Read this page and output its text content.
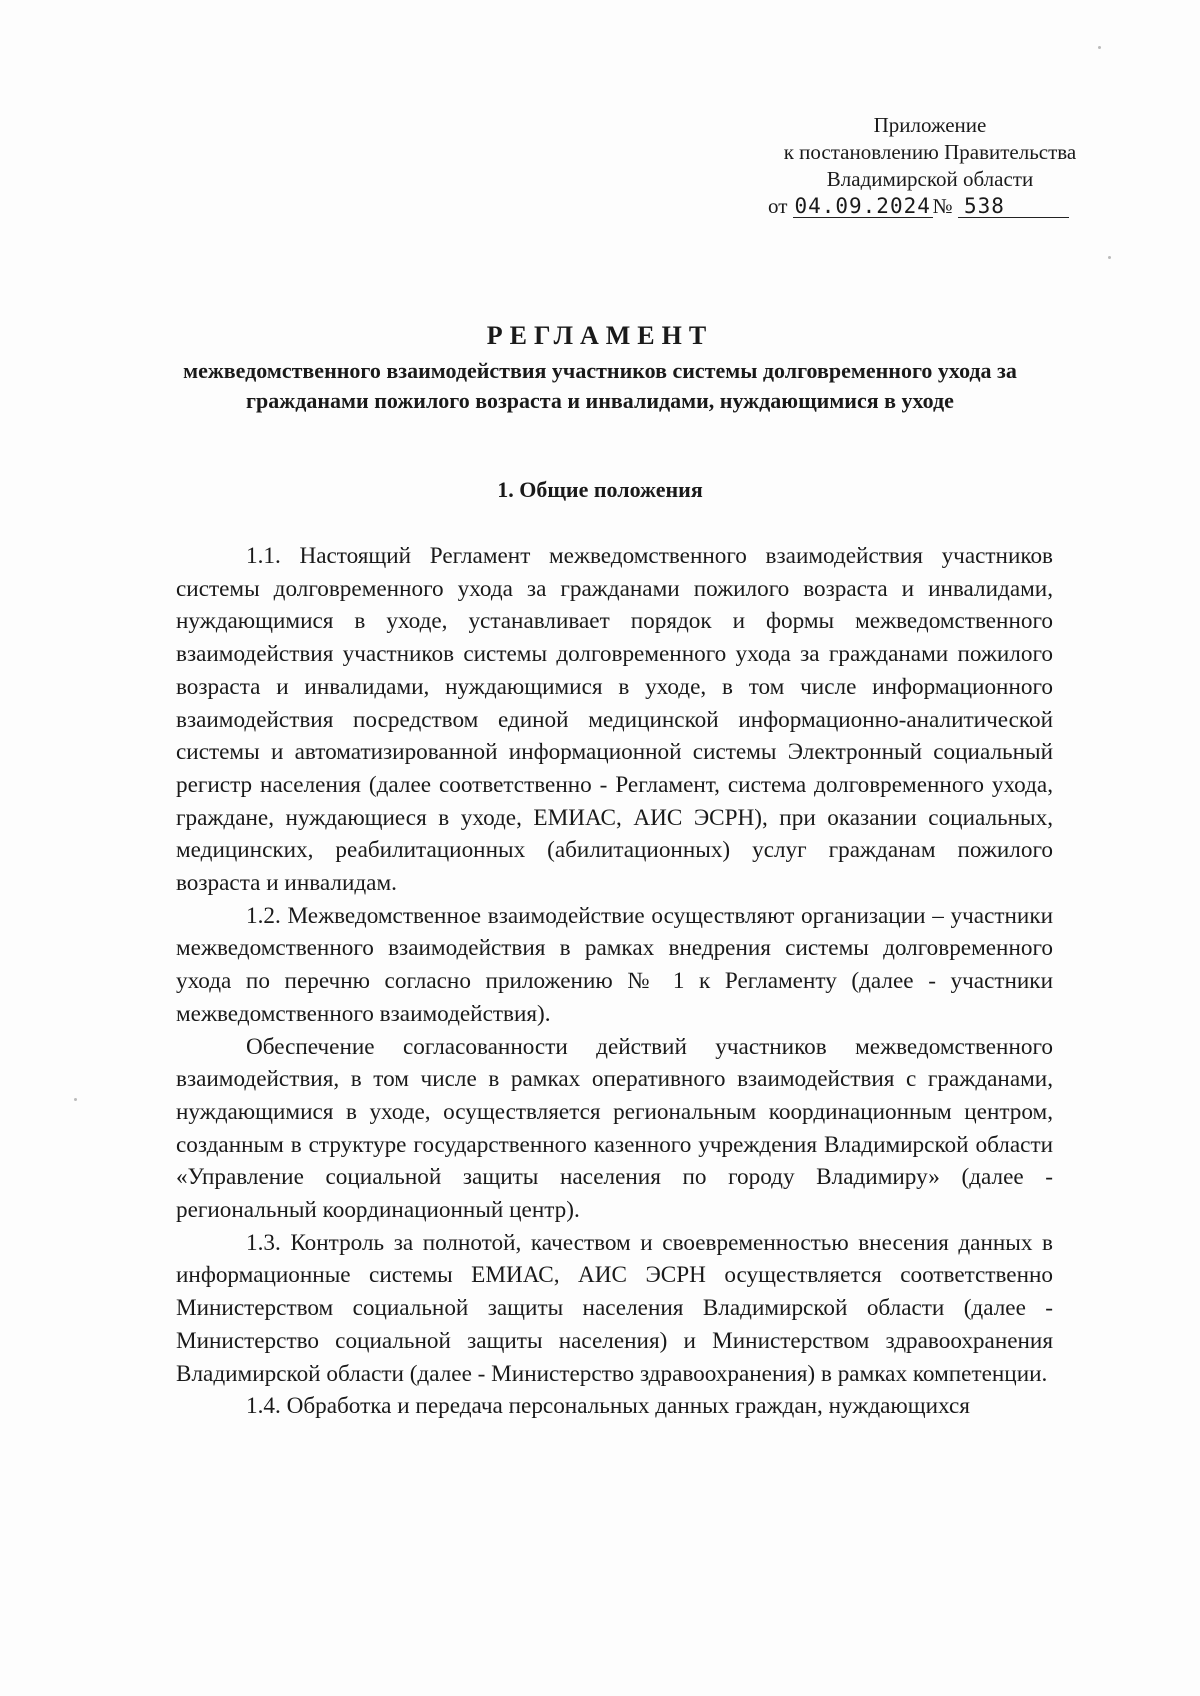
Приложение
к постановлению Правительства
Владимирской области
от 04.09.2024№ 538
РЕГЛАМЕНТ

межведомственного взаимодействия участников системы долговременного ухода за гражданами пожилого возраста и инвалидами, нуждающимися в уходе

1. Общие положения

1.1. Настоящий Регламент межведомственного взаимодействия участников системы долговременного ухода за гражданами пожилого возраста и инвалидами, нуждающимися в уходе, устанавливает порядок и формы межведомственного взаимодействия участников системы долговременного ухода за гражданами пожилого возраста и инвалидами, нуждающимися в уходе, в том числе информационного взаимодействия посредством единой медицинской информационно-аналитической системы и автоматизированной информационной системы Электронный социальный регистр населения (далее соответственно - Регламент, система долговременного ухода, граждане, нуждающиеся в уходе, ЕМИАС, АИС ЭСРН), при оказании социальных, медицинских, реабилитационных (абилитационных) услуг гражданам пожилого возраста и инвалидам.

1.2. Межведомственное взаимодействие осуществляют организации – участники межведомственного взаимодействия в рамках внедрения системы долговременного ухода по перечню согласно приложению № 1 к Регламенту (далее - участники межведомственного взаимодействия).

Обеспечение согласованности действий участников межведомственного взаимодействия, в том числе в рамках оперативного взаимодействия с гражданами, нуждающимися в уходе, осуществляется региональным координационным центром, созданным в структуре государственного казенного учреждения Владимирской области «Управление социальной защиты населения по городу Владимиру» (далее - региональный координационный центр).

1.3. Контроль за полнотой, качеством и своевременностью внесения данных в информационные системы ЕМИАС, АИС ЭСРН осуществляется соответственно Министерством социальной защиты населения Владимирской области (далее - Министерство социальной защиты населения) и Министерством здравоохранения Владимирской области (далее - Министерство здравоохранения) в рамках компетенции.

1.4. Обработка и передача персональных данных граждан, нуждающихся
